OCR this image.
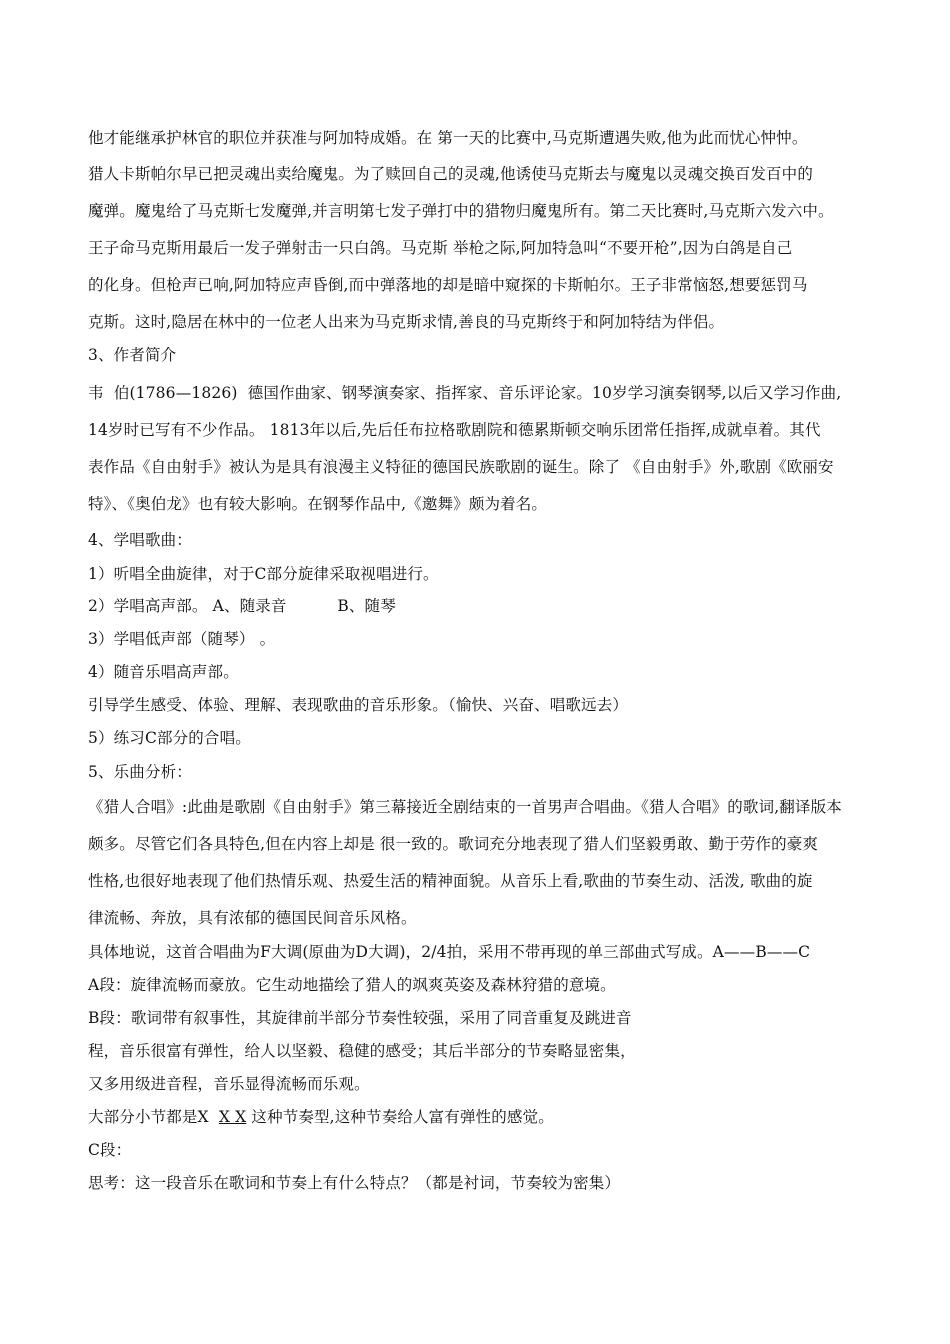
他才能继承护林官的职位并获准与阿加特成婚。在 第一天的比赛中,马克斯遭遇失败,他为此而忧心忡忡。
猎人卡斯帕尔早已把灵魂出卖给魔鬼。为了赎回自己的灵魂,他诱使马克斯去与魔鬼以灵魂交换百发百中的
魔弹。魔鬼给了马克斯七发魔弹,并言明第七发子弹打中的猎物归魔鬼所有。第二天比赛时,马克斯六发六中。
王子命马克斯用最后一发子弹射击一只白鸽。马克斯 举枪之际,阿加特急叫“不要开枪”,因为白鸽是自己
的化身。但枪声已响,阿加特应声昏倒,而中弹落地的却是暗中窥探的卡斯帕尔。王子非常恼怒,想要惩罚马
克斯。这时,隐居在林中的一位老人出来为马克斯求情,善良的马克斯终于和阿加特结为伴侣。
3、作者简介
韦  伯(1786—1826)  德国作曲家、钢琴演奏家、指挥家、音乐评论家。10岁学习演奏钢琴,以后又学习作曲,
14岁时已写有不少作品。 1813年以后,先后任布拉格歌剧院和德累斯顿交响乐团常任指挥,成就卓着。其代
表作品《自由射手》被认为是具有浪漫主义特征的德国民族歌剧的诞生。除了 《自由射手》外,歌剧《欧丽安
特》、《奥伯龙》也有较大影响。在钢琴作品中,《邀舞》颇为着名。
4、学唱歌曲：
1）听唱全曲旋律，对于C部分旋律采取视唱进行。
2）学唱高声部。 A、随录音          B、随琴
3）学唱低声部（随琴） 。
4）随音乐唱高声部。
引导学生感受、体验、理解、表现歌曲的音乐形象。（愉快、兴奋、唱歌远去）
5）练习C部分的合唱。
5、乐曲分析：
《猎人合唱》:此曲是歌剧《自由射手》第三幕接近全剧结束的一首男声合唱曲。《猎人合唱》的歌词,翻译版本
颇多。尽管它们各具特色,但在内容上却是 很一致的。歌词充分地表现了猎人们坚毅勇敢、勤于劳作的豪爽
性格,也很好地表现了他们热情乐观、热爱生活的精神面貌。从音乐上看,歌曲的节奏生动、活泼, 歌曲的旋
律流畅、奔放，具有浓郁的德国民间音乐风格。
具体地说，这首合唱曲为F大调(原曲为D大调)，2/4拍，采用不带再现的单三部曲式写成。A——B——C
A段：旋律流畅而豪放。它生动地描绘了猎人的飒爽英姿及森林狩猎的意境。
B段：歌词带有叙事性，其旋律前半部分节奏性较强，采用了同音重复及跳进音
程，音乐很富有弹性，给人以坚毅、稳健的感受；其后半部分的节奏略显密集，
又多用级进音程，音乐显得流畅而乐观。
大部分小节都是X  X X 这种节奏型,这种节奏给人富有弹性的感觉。
C段：
思考：这一段音乐在歌词和节奏上有什么特点？（都是衬词，节奏较为密集）
